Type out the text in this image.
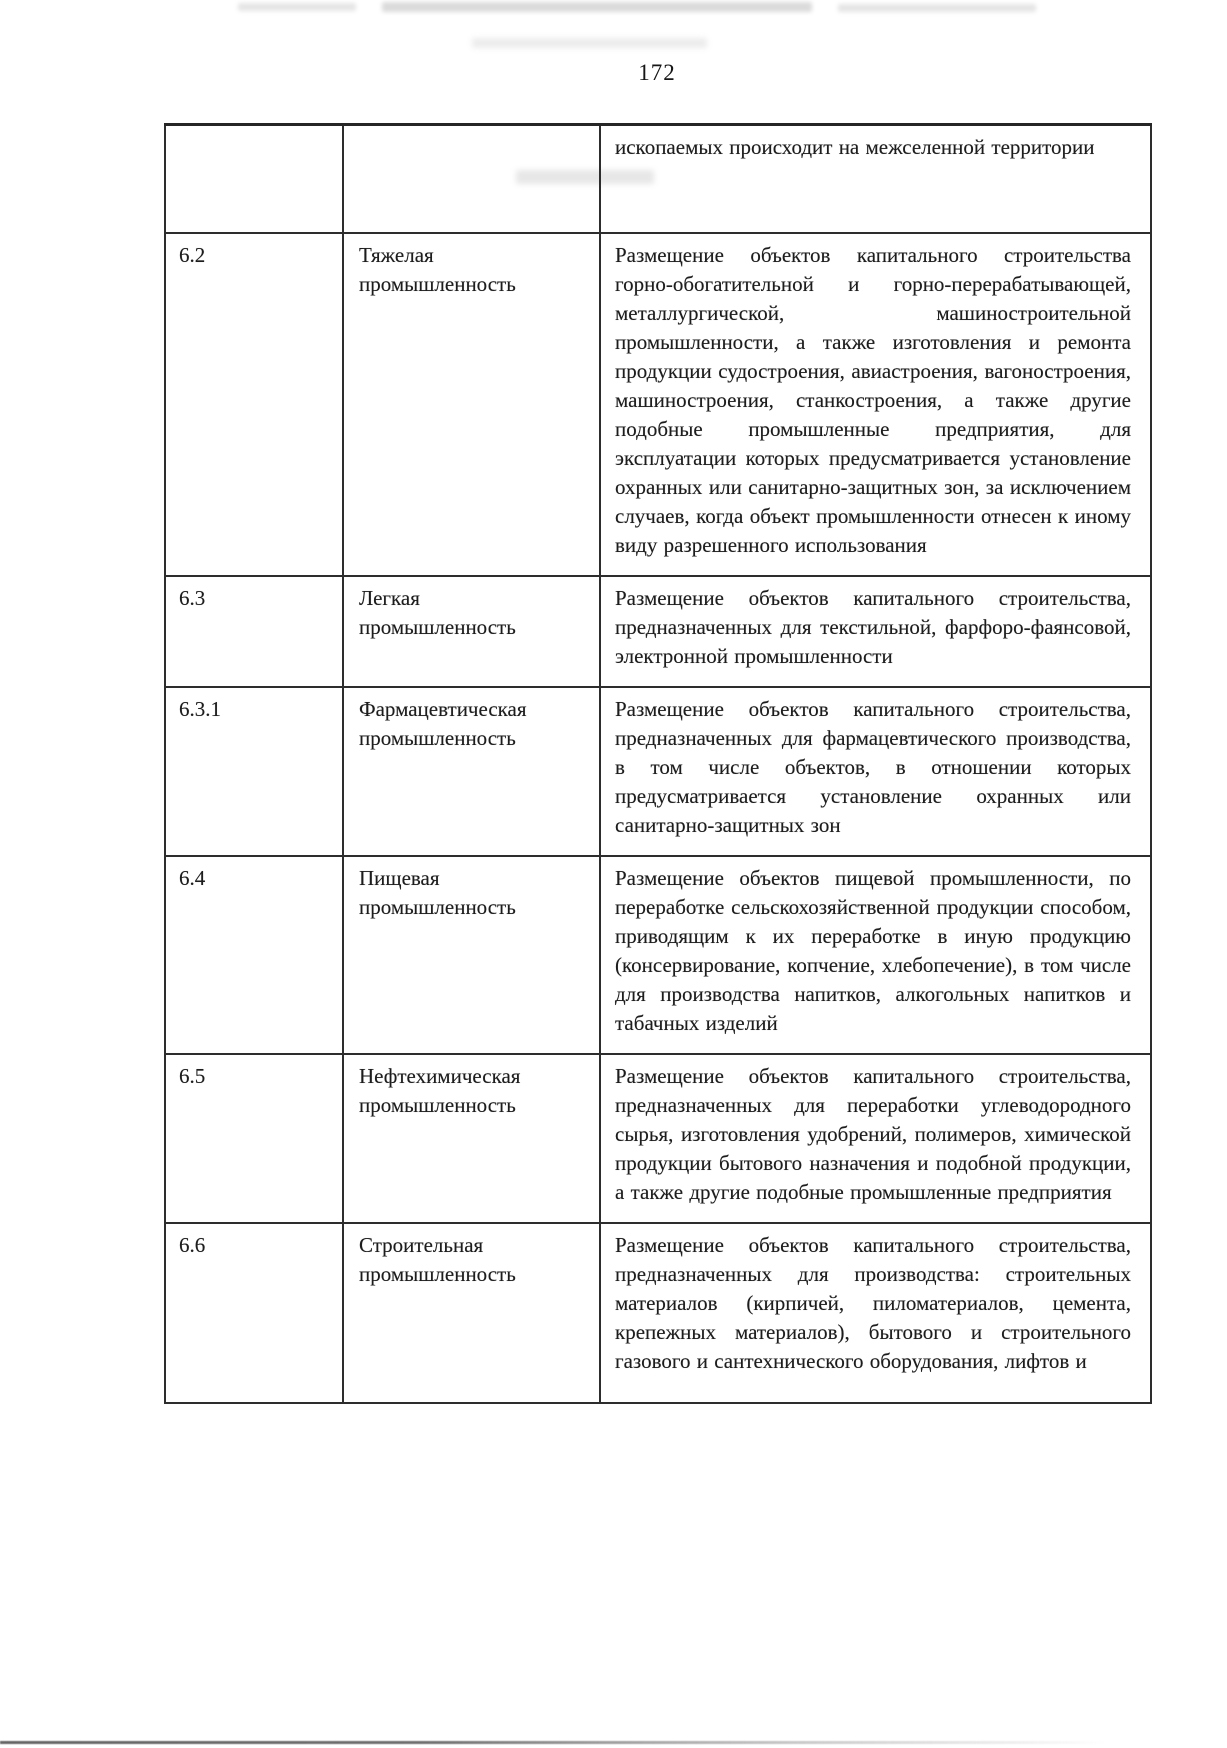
172
		ископаемых происходит на межселенной территории
6.2	Тяжелая промышленность	Размещение объектов капитального строительства горно-обогатительной и горно-перерабатывающей, металлургической, машиностроительной промышленности, а также изготовления и ремонта продукции судостроения, авиастроения, вагоностроения, машиностроения, станкостроения, а также другие подобные промышленные предприятия, для эксплуатации которых предусматривается установление охранных или санитарно-защитных зон, за исключением случаев, когда объект промышленности отнесен к иному виду разрешенного использования
6.3	Легкая промышленность	Размещение объектов капитального строительства, предназначенных для текстильной, фарфоро-фаянсовой, электронной промышленности
6.3.1	Фармацевтическая промышленность	Размещение объектов капитального строительства, предназначенных для фармацевтического производства, в том числе объектов, в отношении которых предусматривается установление охранных или санитарно-защитных зон
6.4	Пищевая промышленность	Размещение объектов пищевой промышленности, по переработке сельскохозяйственной продукции способом, приводящим к их переработке в иную продукцию (консервирование, копчение, хлебопечение), в том числе для производства напитков, алкогольных напитков и табачных изделий
6.5	Нефтехимическая промышленность	Размещение объектов капитального строительства, предназначенных для переработки углеводородного сырья, изготовления удобрений, полимеров, химической продукции бытового назначения и подобной продукции, а также другие подобные промышленные предприятия
6.6	Строительная промышленность	Размещение объектов капитального строительства, предназначенных для производства: строительных материалов (кирпичей, пиломатериалов, цемента, крепежных материалов), бытового и строительного газового и сантехнического оборудования, лифтов и
